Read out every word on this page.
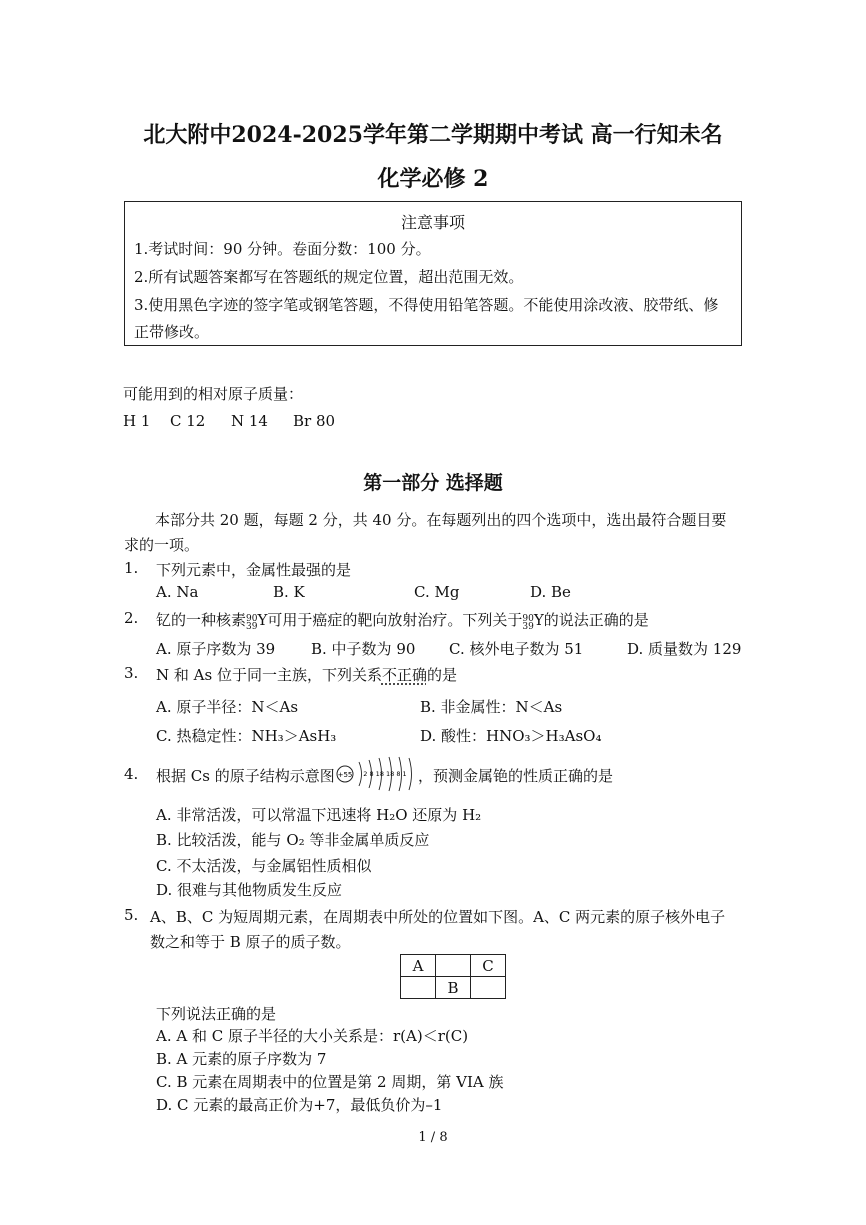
北大附中2024-2025学年第二学期期中考试 高一行知未名
化学必修 2
注意事项
1.考试时间：90 分钟。卷面分数：100 分。
2.所有试题答案都写在答题纸的规定位置，超出范围无效。
3.使用黑色字迹的签字笔或钢笔答题，不得使用铅笔答题。不能使用涂改液、胶带纸、修
正带修改。
可能用到的相对原子质量：
H 1 C 12 N 14 Br 80
第一部分 选择题
本部分共 20 题，每题 2 分，共 40 分。在每题列出的四个选项中，选出最符合题目要
求的一项。
1. 下列元素中，金属性最强的是
A. Na	B. K	C. Mg	D. Be
2. 钇的一种核素90
39Y可用于癌症的靶向放射治疗。下列关于90
39Y的说法正确的是
A. 原子序数为 39 B. 中子数为 90 C. 核外电子数为 51	D. 质量数为 129
3. N 和 As 位于同一主族，下列关系不正确的是
A. 原子半径：N＜As	B. 非金属性：N＜As
C. 热稳定性：NH₃＞AsH₃	D. 酸性：HNO₃＞H₃AsO₄
4. 根据 Cs 的原子结构示意图 +55 2 8 18 18 8 1 ，预测金属铯的性质正确的是
A. 非常活泼，可以常温下迅速将 H₂O 还原为 H₂
B. 比较活泼，能与 O₂ 等非金属单质反应
C. 不太活泼，与金属铝性质相似
D. 很难与其他物质发生反应
5. A、B、C 为短周期元素，在周期表中所处的位置如下图。A、C 两元素的原子核外电子
数之和等于 B 原子的质子数。
A		C
	B	
下列说法正确的是
A. A 和 C 原子半径的大小关系是：r(A)＜r(C)
B. A 元素的原子序数为 7
C. B 元素在周期表中的位置是第 2 周期，第 VIA 族
D. C 元素的最高正价为+7，最低负价为–1
1 / 8
